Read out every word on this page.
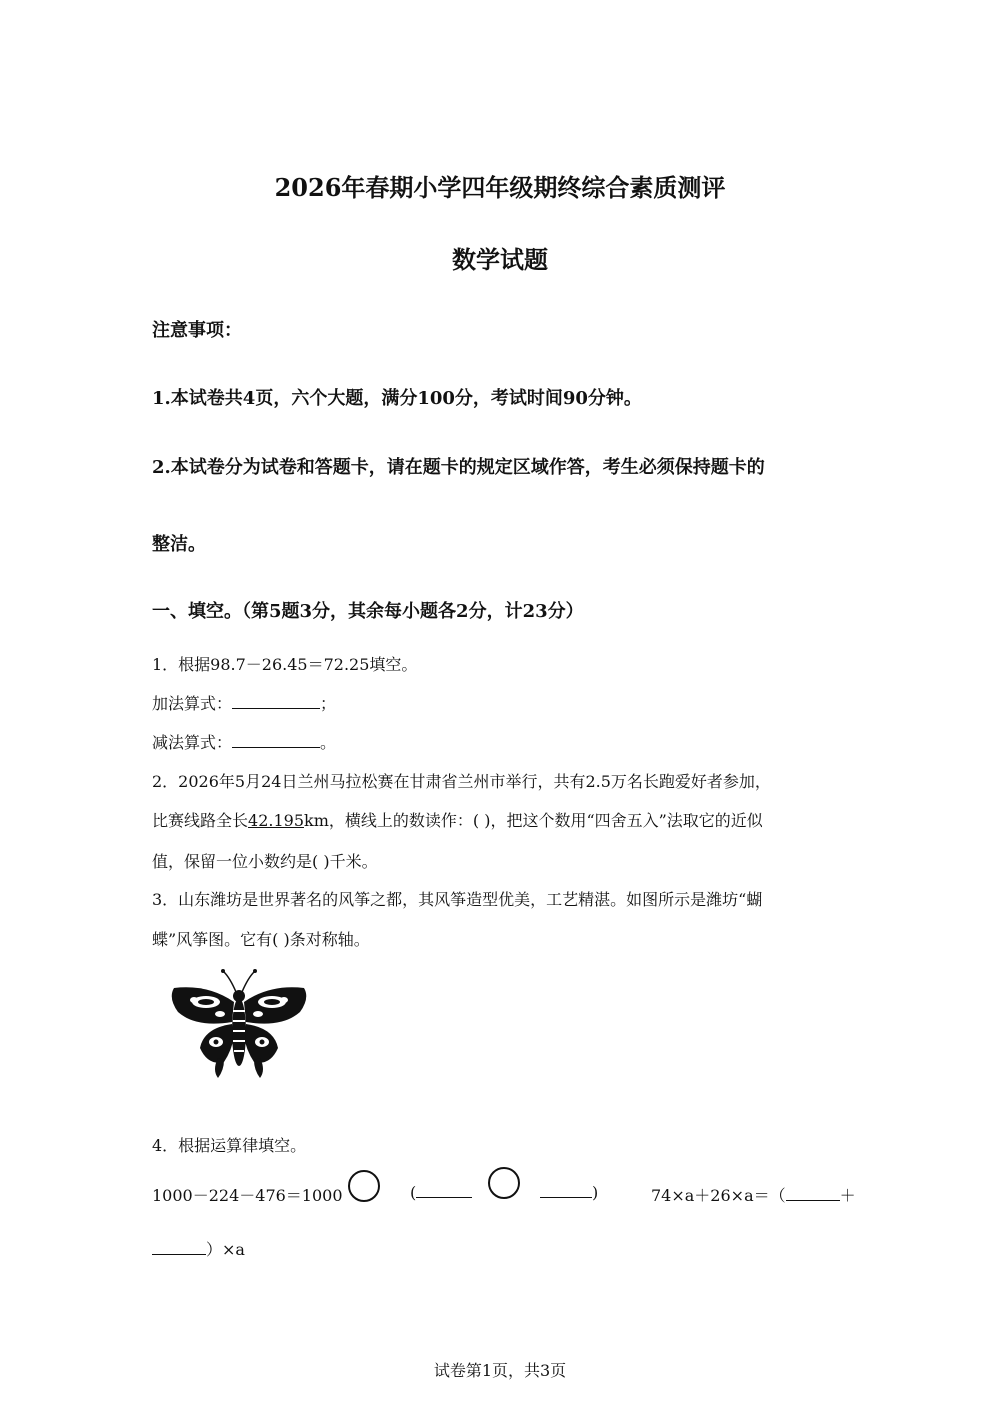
2026年春期小学四年级期终综合素质测评
数学试题
注意事项：
1.本试卷共4页，六个大题，满分100分，考试时间90分钟。
2.本试卷分为试卷和答题卡，请在题卡的规定区域作答，考生必须保持题卡的
整洁。
一、填空。（第5题3分，其余每小题各2分，计23分）
1．根据98.7－26.45＝72.25填空。
加法算式：	；
减法算式：	。
2．2026年5月24日兰州马拉松赛在甘肃省兰州市举行，共有2.5万名长跑爱好者参加，
比赛线路全长42.195km，横线上的数读作：( )，把这个数用“四舍五入”法取它的近似
值，保留一位小数约是( )千米。
3．山东潍坊是世界著名的风筝之都，其风筝造型优美，工艺精湛。如图所示是潍坊“蝴
蝶”风筝图。它有( )条对称轴。
4．根据运算律填空。
1000－224－476＝1000	(	)	74×a＋26×a＝（	＋
）×a
试卷第1页，共3页
